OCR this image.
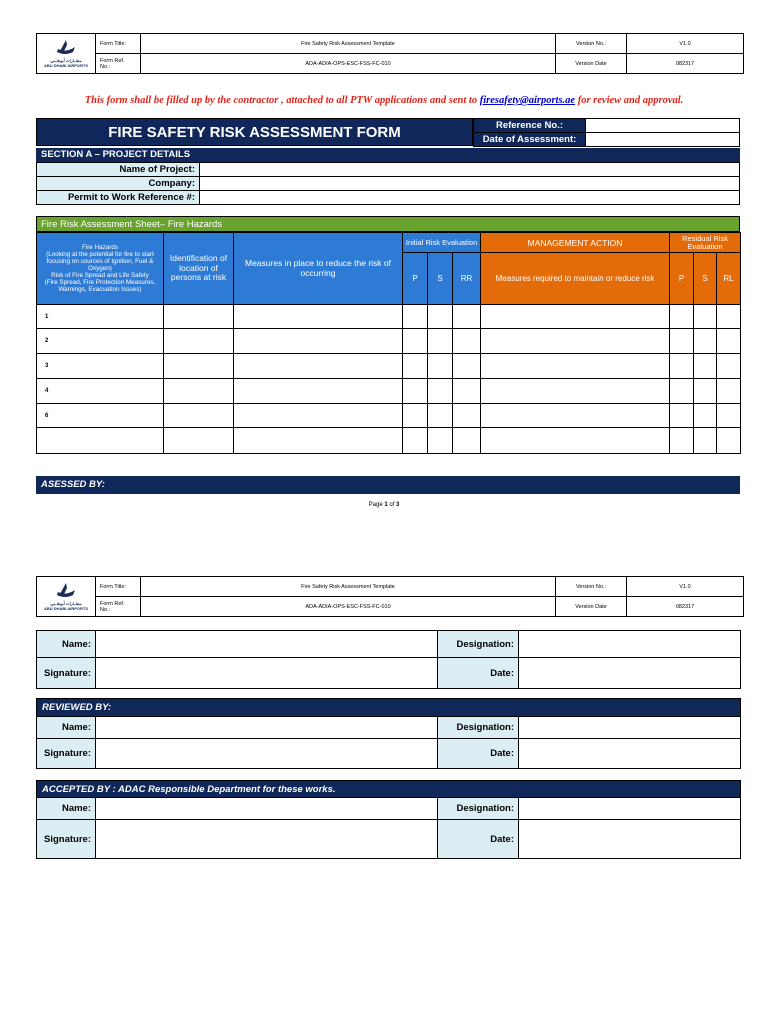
مطــارات أبوظــبي
ABU DHABI AIRPORTS	Form Title:	Fire Safety Risk Assessment Template	Version No.:	V1.0
	Form Ref. No.:	ADA-ADIA-OPS-ESC-FSS-FC-010	Version Date	082317
This form shall be filled up by the contractor , attached to all PTW applications and sent to firesafety@airports.ae for review and approval.
FIRE SAFETY RISK ASSESSMENT FORM	Reference No.:	
Date of Assessment:	
SECTION A – PROJECT DETAILS
Name of Project:	
Company:	
Permit to Work Reference #:	
Fire Risk Assessment Sheet– Fire Hazards
Fire Hazards
(Looking at the potential for fire to start focusing on sources of Ignition, Fuel & Oxygen)
Risk of Fire Spread and Life Safety
(Fire Spread, Fire Protection Measures, Warnings, Evacuation Issues)	Identification of location of persons at risk	Measures in place to reduce the risk of occurring	Initial Risk Evaluation			MANAGEMENT ACTION	Residual Risk Evaluation		
			P	S	RR	Measures required to maintain or reduce risk	P	S	RL
1									
2									
3									
4									
6									

ASESSED BY:
Page 1 of 3
مطــارات أبوظــبي
ABU DHABI AIRPORTS	Form Title:	Fire Safety Risk Assessment Template	Version No.:	V1.0
	Form Ref. No.:	ADA-ADIA-OPS-ESC-FSS-FC-010	Version Date	082317
Name:		Designation:	
Signature:		Date:	
REVIEWED BY:			
Name:		Designation:	
Signature:		Date:	
ACCEPTED BY : ADAC Responsible Department for these works.			
Name:		Designation:	
Signature:		Date:	
